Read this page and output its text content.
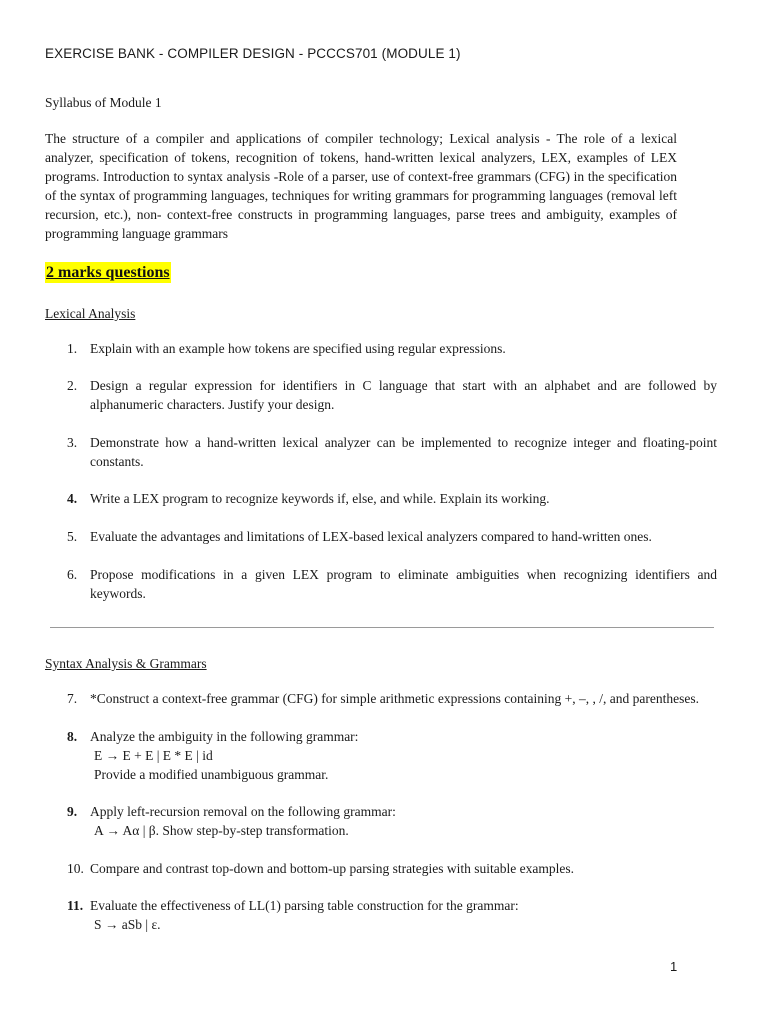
EXERCISE BANK - COMPILER DESIGN - PCCCS701 (MODULE 1)
Syllabus of Module 1

The structure of a compiler and applications of compiler technology; Lexical analysis - The role of a lexical analyzer, specification of tokens, recognition of tokens, hand-written lexical analyzers, LEX, examples of LEX programs. Introduction to syntax analysis -Role of a parser, use of context-free grammars (CFG) in the specification of the syntax of programming languages, techniques for writing grammars for programming languages (removal left recursion, etc.), non- context-free constructs in programming languages, parse trees and ambiguity, examples of programming language grammars

2 marks questions
Lexical Analysis
1. Explain with an example how tokens are specified using regular expressions.
2. Design a regular expression for identifiers in C language that start with an alphabet and are followed by alphanumeric characters. Justify your design.
3. Demonstrate how a hand-written lexical analyzer can be implemented to recognize integer and floating-point constants.
4. Write a LEX program to recognize keywords if, else, and while. Explain its working.
5. Evaluate the advantages and limitations of LEX-based lexical analyzers compared to hand-written ones.
6. Propose modifications in a given LEX program to eliminate ambiguities when recognizing identifiers and keywords.
Syntax Analysis & Grammars
7. *Construct a context-free grammar (CFG) for simple arithmetic expressions containing +, –, , /, and parentheses.
8. Analyze the ambiguity in the following grammar:
E → E + E | E * E | id
Provide a modified unambiguous grammar.
9. Apply left-recursion removal on the following grammar:
A → Aα | β. Show step-by-step transformation.
10. Compare and contrast top-down and bottom-up parsing strategies with suitable examples.
11. Evaluate the effectiveness of LL(1) parsing table construction for the grammar:
S → aSb | ε.
1
